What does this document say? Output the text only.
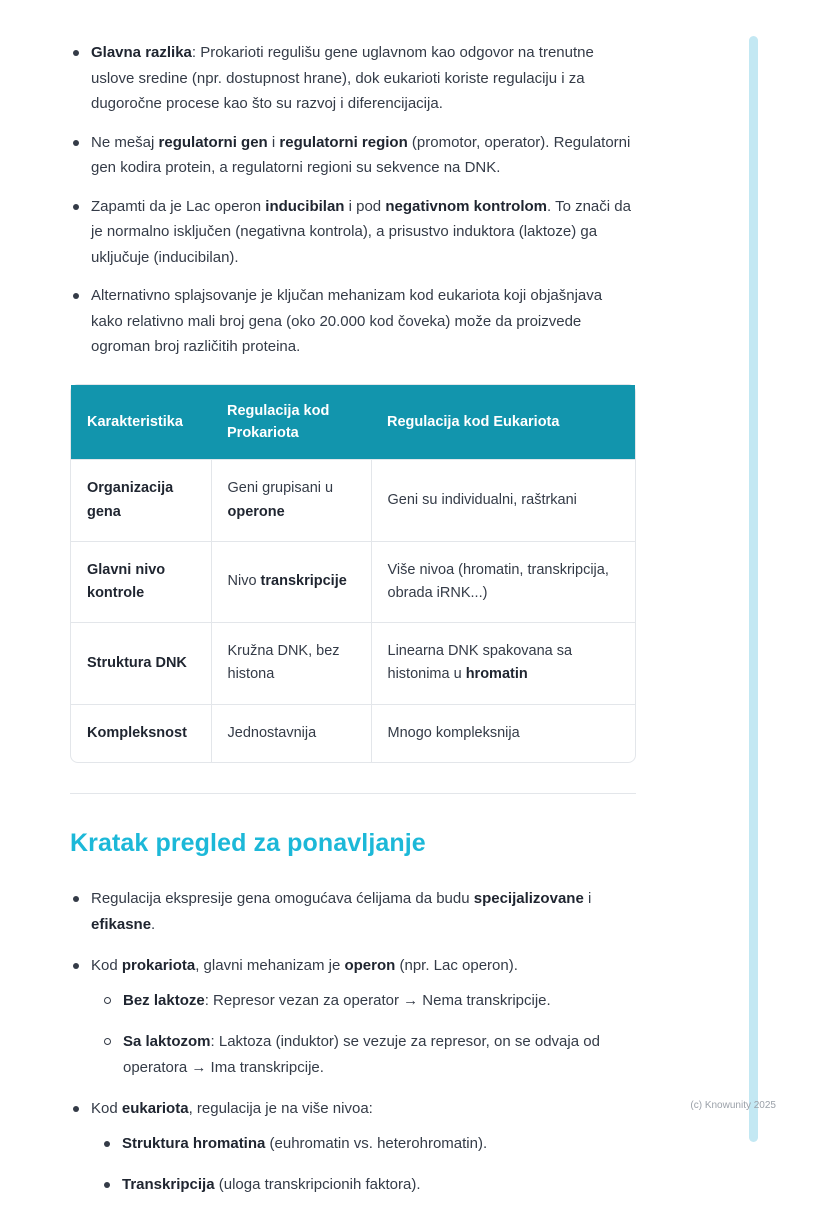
Glavna razlika: Prokarioti regulišu gene uglavnom kao odgovor na trenutne uslove sredine (npr. dostupnost hrane), dok eukarioti koriste regulaciju i za dugoročne procese kao što su razvoj i diferencijacija.
Ne mešaj regulatorni gen i regulatorni region (promotor, operator). Regulatorni gen kodira protein, a regulatorni regioni su sekvence na DNK.
Zapamti da je Lac operon inducibilan i pod negativnom kontrolom. To znači da je normalno isključen (negativna kontrola), a prisustvo induktora (laktoze) ga uključuje (inducibilan).
Alternativno splajsovanje je ključan mehanizam kod eukariota koji objašnjava kako relativno mali broj gena (oko 20.000 kod čoveka) može da proizvede ogroman broj različitih proteina.
Karakteristika	Regulacija kod Prokariota	Regulacija kod Eukariota
Organizacija gena	Geni grupisani u operone	Geni su individualni, raštrkani
Glavni nivo kontrole	Nivo transkripcije	Više nivoa (hromatin, transkripcija, obrada iRNK...)
Struktura DNK	Kružna DNK, bez histona	Linearna DNK spakovana sa histonima u hromatin
Kompleksnost	Jednostavnija	Mnogo kompleksnija
Kratak pregled za ponavljanje
Regulacija ekspresije gena omogućava ćelijama da budu specijalizovane i efikasne.
Kod prokariota, glavni mehanizam je operon (npr. Lac operon).
Bez laktoze: Represor vezan za operator → Nema transkripcije.
Sa laktozom: Laktoza (induktor) se vezuje za represor, on se odvaja od operatora → Ima transkripcije.
Kod eukariota, regulacija je na više nivoa:
Struktura hromatina (euhromatin vs. heterohromatin).
Transkripcija (uloga transkripcionih faktora).
(c) Knowunity 2025
